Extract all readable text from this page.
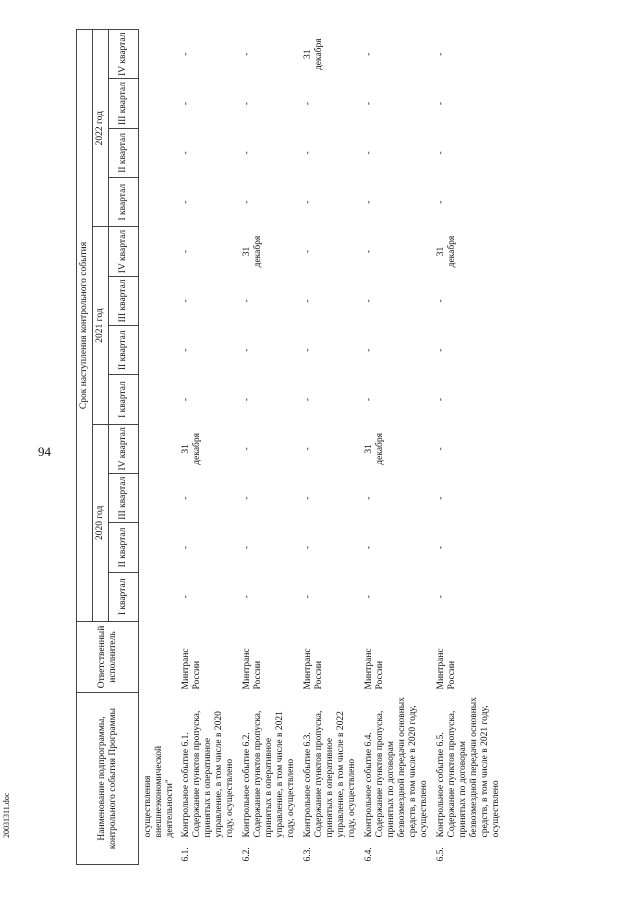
94
20031311.doc	Наименование подпрограммы, контрольного события Программы		Ответственный исполнитель	Срок наступления контрольного события											
			2020 год				2021 год				2022 год			
			I квартал	II квартал	III квартал	IV квартал	I квартал	II квартал	III квартал	IV квартал	I квартал	II квартал	III квартал	IV квартал
	осуществления внешнеэкономической деятельности"													
6.1.	Контрольное событие 6.1. Содержание пунктов пропуска, принятых в оперативное управление, в том числе в 2020 году, осуществлено	Минтранс России	-	-	-	31 декабря	-	-	-	-	-	-	-	-
6.2.	Контрольное событие 6.2. Содержание пунктов пропуска, принятых в оперативное управление, в том числе в 2021 году, осуществлено	Минтранс России	-	-	-	-	-	-	-	31 декабря	-	-	-	-
6.3.	Контрольное событие 6.3. Содержание пунктов пропуска, принятых в оперативное управление, в том числе в 2022 году, осуществлено	Минтранс России	-	-	-	-	-	-	-	-	-	-	-	31 декабря
6.4.	Контрольное событие 6.4. Содержание пунктов пропуска, принятых по договорам безвозмездной передачи основных средств, в том числе в 2020 году, осуществлено	Минтранс России	-	-	-	31 декабря	-	-	-	-	-	-	-	-
6.5.	Контрольное событие 6.5. Содержание пунктов пропуска, принятых по договорам безвозмездной передачи основных средств, в том числе в 2021 году, осуществлено	Минтранс России	-	-	-	-	-	-	-	31 декабря	-	-	-	-
